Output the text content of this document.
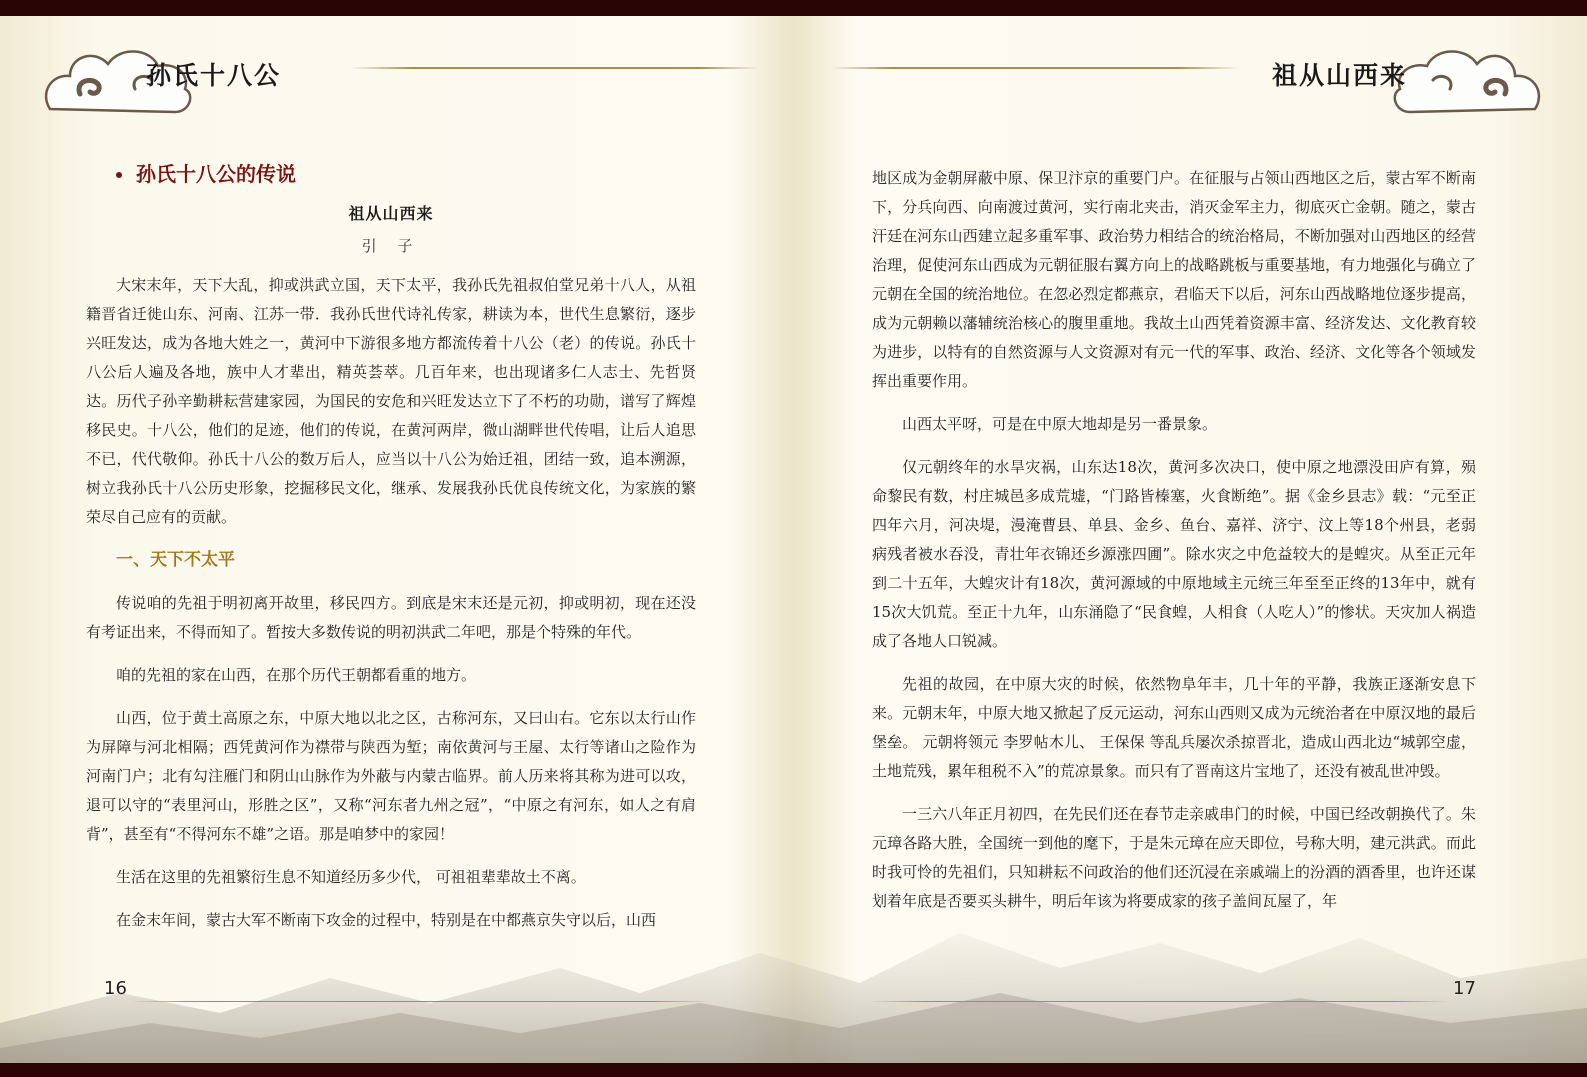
孙氏十八公	祖从山西来
孙氏十八公的传说
祖从山西来
引 子

大宋末年，天下大乱，抑或洪武立国，天下太平，我孙氏先祖叔伯堂兄弟十八人，从祖籍晋省迁徙山东、河南、江苏一带．我孙氏世代诗礼传家，耕读为本，世代生息繁衍，逐步兴旺发达，成为各地大姓之一，黄河中下游很多地方都流传着十八公（老）的传说。孙氏十八公后人遍及各地，族中人才辈出，精英荟萃。几百年来，也出现诸多仁人志士、先哲贤达。历代子孙辛勤耕耘营建家园，为国民的安危和兴旺发达立下了不朽的功勋，谱写了辉煌移民史。十八公，他们的足迹，他们的传说，在黄河两岸，微山湖畔世代传唱，让后人追思不已，代代敬仰。孙氏十八公的数万后人，应当以十八公为始迁祖，团结一致，追本溯源，树立我孙氏十八公历史形象，挖掘移民文化，继承、发展我孙氏优良传统文化，为家族的繁荣尽自己应有的贡献。

一、天下不太平

传说咱的先祖于明初离开故里，移民四方。到底是宋末还是元初，抑或明初，现在还没有考证出来，不得而知了。暂按大多数传说的明初洪武二年吧，那是个特殊的年代。

咱的先祖的家在山西，在那个历代王朝都看重的地方。

山西，位于黄土高原之东，中原大地以北之区，古称河东，又曰山右。它东以太行山作为屏障与河北相隔；西凭黄河作为襟带与陕西为堑；南依黄河与王屋、太行等诸山之险作为河南门户；北有勾注雁门和阴山山脉作为外蔽与内蒙古临界。前人历来将其称为进可以攻，退可以守的“表里河山，形胜之区”，又称“河东者九州之冠”，“中原之有河东，如人之有肩背”，甚至有“不得河东不雄”之语。那是咱梦中的家园！

生活在这里的先祖繁衍生息不知道经历多少代， 可祖祖辈辈故土不离。

在金末年间，蒙古大军不断南下攻金的过程中，特别是在中都燕京失守以后，山西

地区成为金朝屏蔽中原、保卫汴京的重要门户。在征服与占领山西地区之后，蒙古军不断南下，分兵向西、向南渡过黄河，实行南北夹击，消灭金军主力，彻底灭亡金朝。随之，蒙古汗廷在河东山西建立起多重军事、政治势力相结合的统治格局，不断加强对山西地区的经营治理，促使河东山西成为元朝征服右翼方向上的战略跳板与重要基地，有力地强化与确立了元朝在全国的统治地位。在忽必烈定都燕京，君临天下以后，河东山西战略地位逐步提高，成为元朝赖以藩辅统治核心的腹里重地。我故土山西凭着资源丰富、经济发达、文化教育较为进步，以特有的自然资源与人文资源对有元一代的军事、政治、经济、文化等各个领域发挥出重要作用。

山西太平呀，可是在中原大地却是另一番景象。

仅元朝终年的水旱灾祸，山东达18次，黄河多次决口，使中原之地漂没田庐有算，殒命黎民有数，村庄城邑多成荒墟，“门路皆榛塞，火食断绝”。据《金乡县志》载：“元至正四年六月，河决堤，漫淹曹县、单县、金乡、鱼台、嘉祥、济宁、汶上等18个州县，老弱病残者被水吞没，青壮年衣锦还乡源涨四圃”。除水灾之中危益较大的是蝗灾。从至正元年到二十五年，大蝗灾计有18次，黄河源域的中原地域主元统三年至至正终的13年中，就有15次大饥荒。至正十九年，山东涌隐了“民食蝗，人相食（人吃人）”的惨状。天灾加人祸造成了各地人口锐减。

先祖的故园，在中原大灾的时候，依然物阜年丰，几十年的平静，我族正逐渐安息下来。元朝末年，中原大地又掀起了反元运动，河东山西则又成为元统治者在中原汉地的最后堡垒。 元朝将领元 李罗帖木儿、 王保保 等乱兵屡次杀掠晋北，造成山西北边“城郭空虚，土地荒残，累年租税不入”的荒凉景象。而只有了晋南这片宝地了，还没有被乱世冲毁。

一三六八年正月初四，在先民们还在春节走亲戚串门的时候，中国已经改朝换代了。朱元璋各路大胜，全国统一到他的麾下，于是朱元璋在应天即位，号称大明，建元洪武。而此时我可怜的先祖们，只知耕耘不问政治的他们还沉浸在亲戚端上的汾酒的酒香里，也许还谋划着年底是否要买头耕牛，明后年该为将要成家的孩子盖间瓦屋了，年

16	17
